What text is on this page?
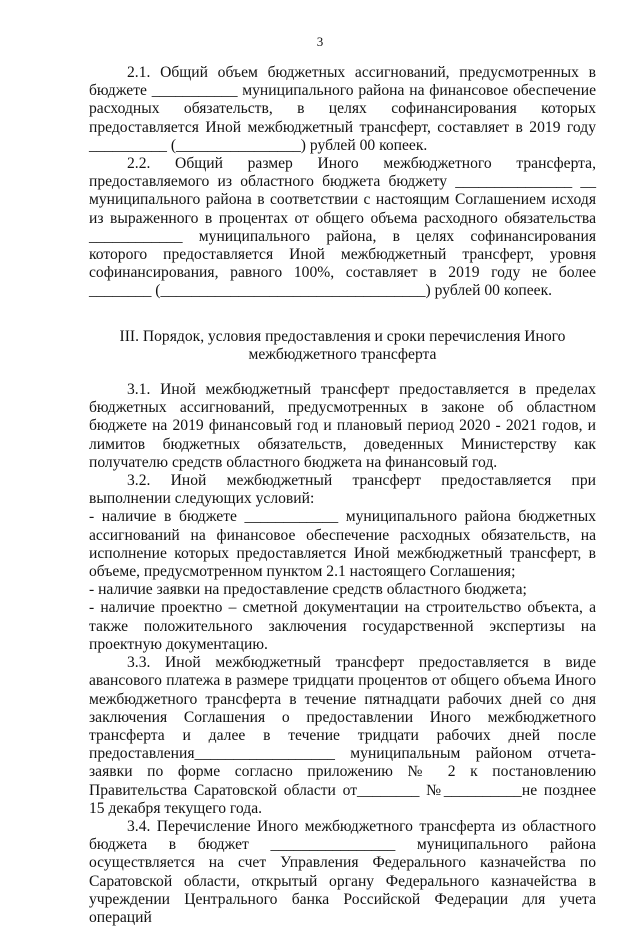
3

2.1. Общий объем бюджетных ассигнований, предусмотренных в бюджете ___________ муниципального района на финансовое обеспечение расходных обязательств, в целях софинансирования которых предоставляется Иной межбюджетный трансферт, составляет в 2019 году __________ (________________) рублей 00 копеек.

2.2. Общий размер Иного межбюджетного трансферта, предоставляемого из областного бюджета бюджету _______________ __ муниципального района в соответствии с настоящим Соглашением исходя из выраженного в процентах от общего объема расходного обязательства ____________ муниципального района, в целях софинансирования которого предоставляется Иной межбюджетный трансферт, уровня софинансирования, равного 100%, составляет в 2019 году не более ________ (__________________________________) рублей 00 копеек.

III. Порядок, условия предоставления и сроки перечисления Иного межбюджетного трансферта

3.1. Иной межбюджетный трансферт предоставляется в пределах бюджетных ассигнований, предусмотренных в законе об областном бюджете на 2019 финансовый год и плановый период 2020 - 2021 годов, и лимитов бюджетных обязательств, доведенных Министерству как получателю средств областного бюджета на финансовый год.

3.2. Иной межбюджетный трансферт предоставляется при выполнении следующих условий:

- наличие в бюджете ____________ муниципального района бюджетных ассигнований на финансовое обеспечение расходных обязательств, на исполнение которых предоставляется Иной межбюджетный трансферт, в объеме, предусмотренном пунктом 2.1 настоящего Соглашения;

- наличие заявки на предоставление средств областного бюджета;

- наличие проектно – сметной документации на строительство объекта, а также положительного заключения государственной экспертизы на проектную документацию.

3.3. Иной межбюджетный трансферт предоставляется в виде авансового платежа в размере тридцати процентов от общего объема Иного межбюджетного трансферта в течение пятнадцати рабочих дней со дня заключения Соглашения о предоставлении Иного межбюджетного трансферта и далее в течение тридцати рабочих дней после предоставления__________________ муниципальным районом отчета-заявки по форме согласно приложению № 2 к постановлению Правительства Саратовской области от________ №__________не позднее 15 декабря текущего года.

3.4. Перечисление Иного межбюджетного трансферта из областного бюджета в бюджет ________________ муниципального района осуществляется на счет Управления Федерального казначейства по Саратовской области, открытый органу Федерального казначейства в учреждении Центрального банка Российской Федерации для учета операций
